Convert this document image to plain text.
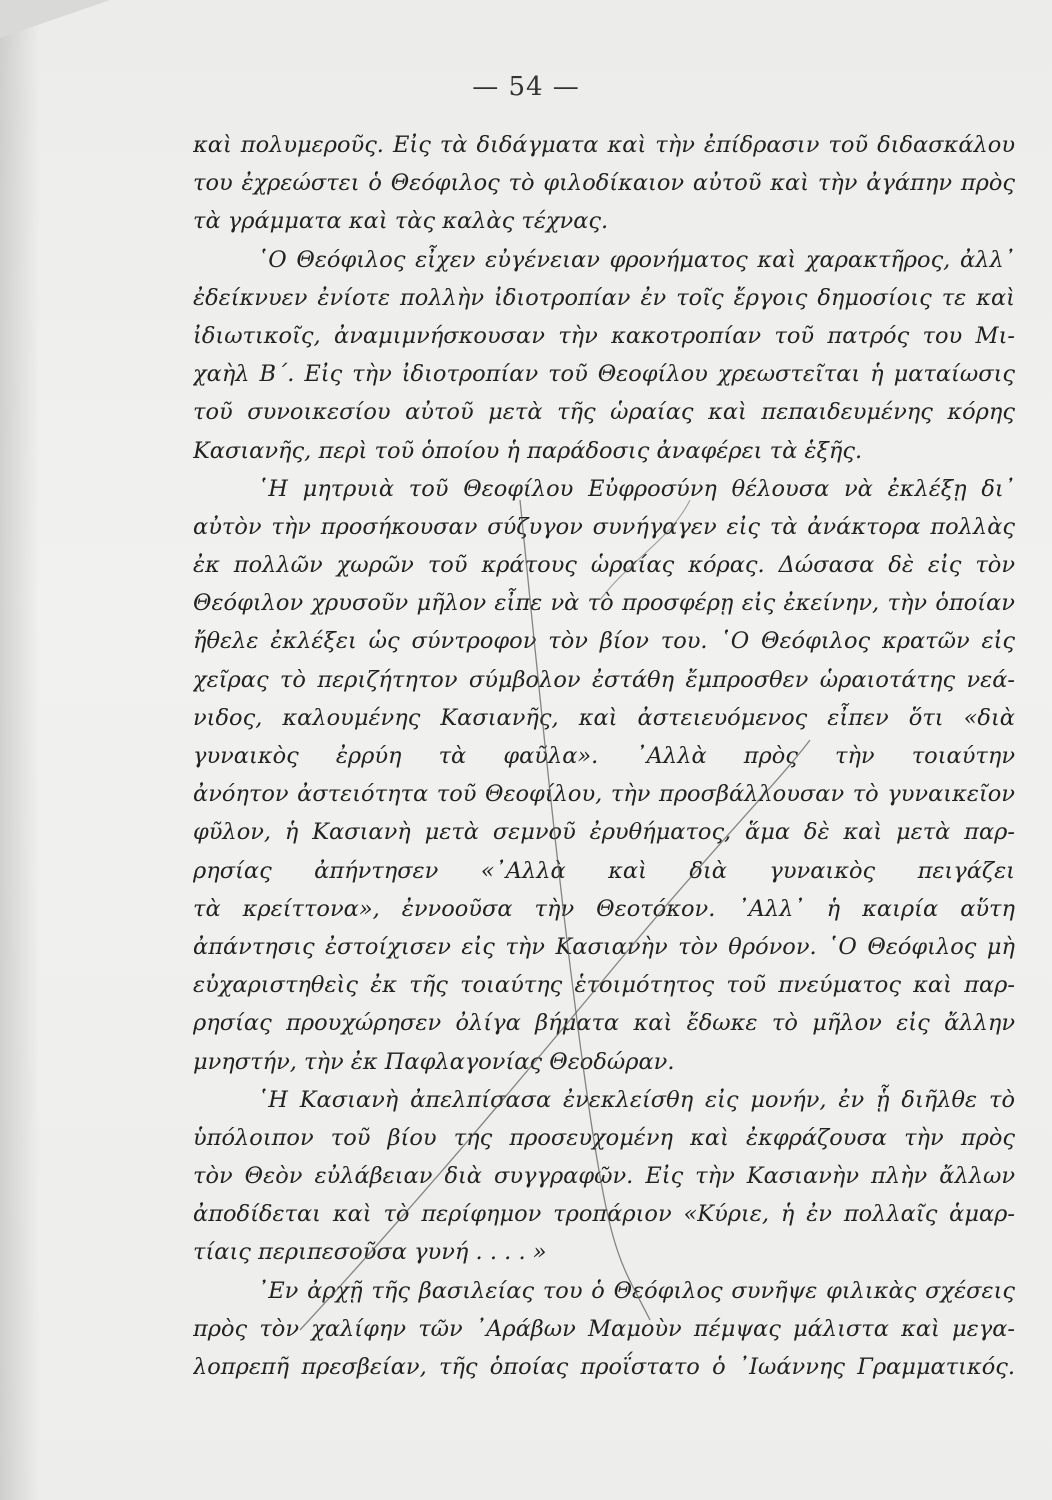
— 54 —
καὶ πολυμεροῦς. Εἰς τὰ διδάγματα καὶ τὴν ἐπίδρασιν τοῦ διδασκάλου
του ἐχρεώστει ὁ Θεόφιλος τὸ φιλοδίκαιον αὐτοῦ καὶ τὴν ἀγάπην πρὸς
τὰ γράμματα καὶ τὰς καλὰς τέχνας.
῾Ο Θεόφιλος εἶχεν εὐγένειαν φρονήματος καὶ χαρακτῆρος, ἀλλ᾽
ἐδείκνυεν ἐνίοτε πολλὴν ἰδιοτροπίαν ἐν τοῖς ἔργοις δημοσίοις τε καὶ
ἰδιωτικοῖς, ἀναμιμνήσκουσαν τὴν κακοτροπίαν τοῦ πατρός του Μι-
χαὴλ Β΄. Εἰς τὴν ἰδιοτροπίαν τοῦ Θεοφίλου χρεωστεῖται ἡ ματαίωσις
τοῦ συνοικεσίου αὐτοῦ μετὰ τῆς ὡραίας καὶ πεπαιδευμένης κόρης
Κασιανῆς, περὶ τοῦ ὁποίου ἡ παράδοσις ἀναφέρει τὰ ἑξῆς.
῾Η μητρυιὰ τοῦ Θεοφίλου Εὐφροσύνη θέλουσα νὰ ἐκλέξῃ δι᾽
αὐτὸν τὴν προσήκουσαν σύζυγον συνήγαγεν εἰς τὰ ἀνάκτορα πολλὰς
ἐκ πολλῶν χωρῶν τοῦ κράτους ὡραίας κόρας. Δώσασα δὲ εἰς τὸν
Θεόφιλον χρυσοῦν μῆλον εἶπε νὰ τὸ προσφέρῃ εἰς ἐκείνην, τὴν ὁποίαν
ἤθελε ἐκλέξει ὡς σύντροφον τὸν βίον του. ῾Ο Θεόφιλος κρατῶν εἰς
χεῖρας τὸ περιζήτητον σύμβολον ἐστάθη ἔμπροσθεν ὡραιοτάτης νεά-
νιδος, καλουμένης Κασιανῆς, καὶ ἀστειευόμενος εἶπεν ὅτι «διὰ
γυναικὸς ἐρρύη τὰ φαῦλα». ᾽Αλλὰ πρὸς τὴν τοιαύτην
ἀνόητον ἀστειότητα τοῦ Θεοφίλου, τὴν προσβάλλουσαν τὸ γυναικεῖον
φῦλον, ἡ Κασιανὴ μετὰ σεμνοῦ ἐρυθήματος, ἅμα δὲ καὶ μετὰ παρ-
ρησίας ἀπήντησεν «᾽Αλλὰ καὶ διὰ γυναικὸς πειγάζει
τὰ κρείττονα», ἐννοοῦσα τὴν Θεοτόκον. ᾽Αλλ᾽ ἡ καιρία αὕτη
ἀπάντησις ἐστοίχισεν εἰς τὴν Κασιανὴν τὸν θρόνον. ῾Ο Θεόφιλος μὴ
εὐχαριστηθεὶς ἐκ τῆς τοιαύτης ἑτοιμότητος τοῦ πνεύματος καὶ παρ-
ρησίας προυχώρησεν ὀλίγα βήματα καὶ ἔδωκε τὸ μῆλον εἰς ἄλλην
μνηστήν, τὴν ἐκ Παφλαγονίας Θεοδώραν.
῾Η Κασιανὴ ἀπελπίσασα ἐνεκλείσθη εἰς μονήν, ἐν ᾗ διῆλθε τὸ
ὑπόλοιπον τοῦ βίου της προσευχομένη καὶ ἐκφράζουσα τὴν πρὸς
τὸν Θεὸν εὐλάβειαν διὰ συγγραφῶν. Εἰς τὴν Κασιανὴν πλὴν ἄλλων
ἀποδίδεται καὶ τὸ περίφημον τροπάριον «Κύριε, ἡ ἐν πολλαῖς ἁμαρ-
τίαις περιπεσοῦσα γυνή . . . . »
᾽Εν ἀρχῇ τῆς βασιλείας του ὁ Θεόφιλος συνῆψε φιλικὰς σχέσεις
πρὸς τὸν χαλίφην τῶν ᾽Αράβων Μαμοὺν πέμψας μάλιστα καὶ μεγα-
λοπρεπῆ πρεσβείαν, τῆς ὁποίας προΐστατο ὁ ᾽Ιωάννης Γραμματικός.
